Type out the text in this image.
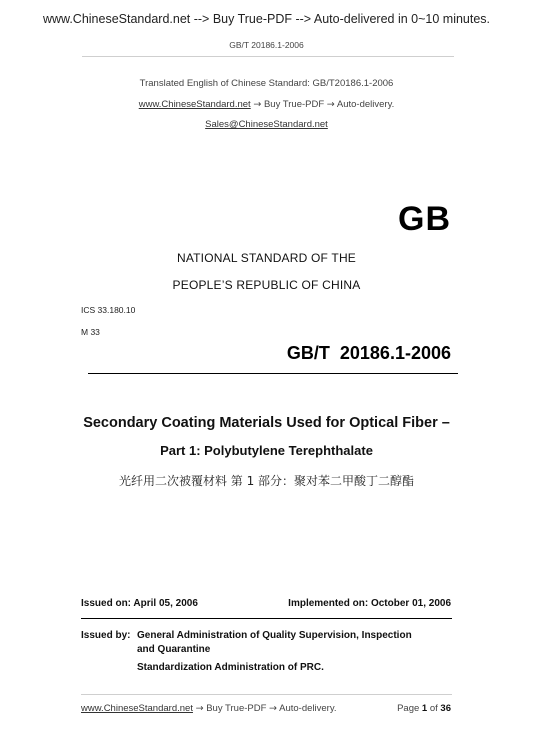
www.ChineseStandard.net --> Buy True-PDF --> Auto-delivered in 0~10 minutes.
GB/T 20186.1-2006
Translated English of Chinese Standard: GB/T20186.1-2006
www.ChineseStandard.net → Buy True-PDF → Auto-delivery.
Sales@ChineseStandard.net
GB
NATIONAL STANDARD OF THE
PEOPLE’S REPUBLIC OF CHINA
ICS 33.180.10
M 33
GB/T  20186.1-2006
Secondary Coating Materials Used for Optical Fiber –
Part 1: Polybutylene Terephthalate
光纤用二次被覆材料 第 1 部分：聚对苯二甲酸丁二醇酯
Issued on: April 05, 2006	Implemented on: October 01, 2006
Issued by: General Administration of Quality Supervision, Inspection
and Quarantine
Standardization Administration of PRC.
www.ChineseStandard.net → Buy True-PDF → Auto-delivery.	Page 1 of 36
